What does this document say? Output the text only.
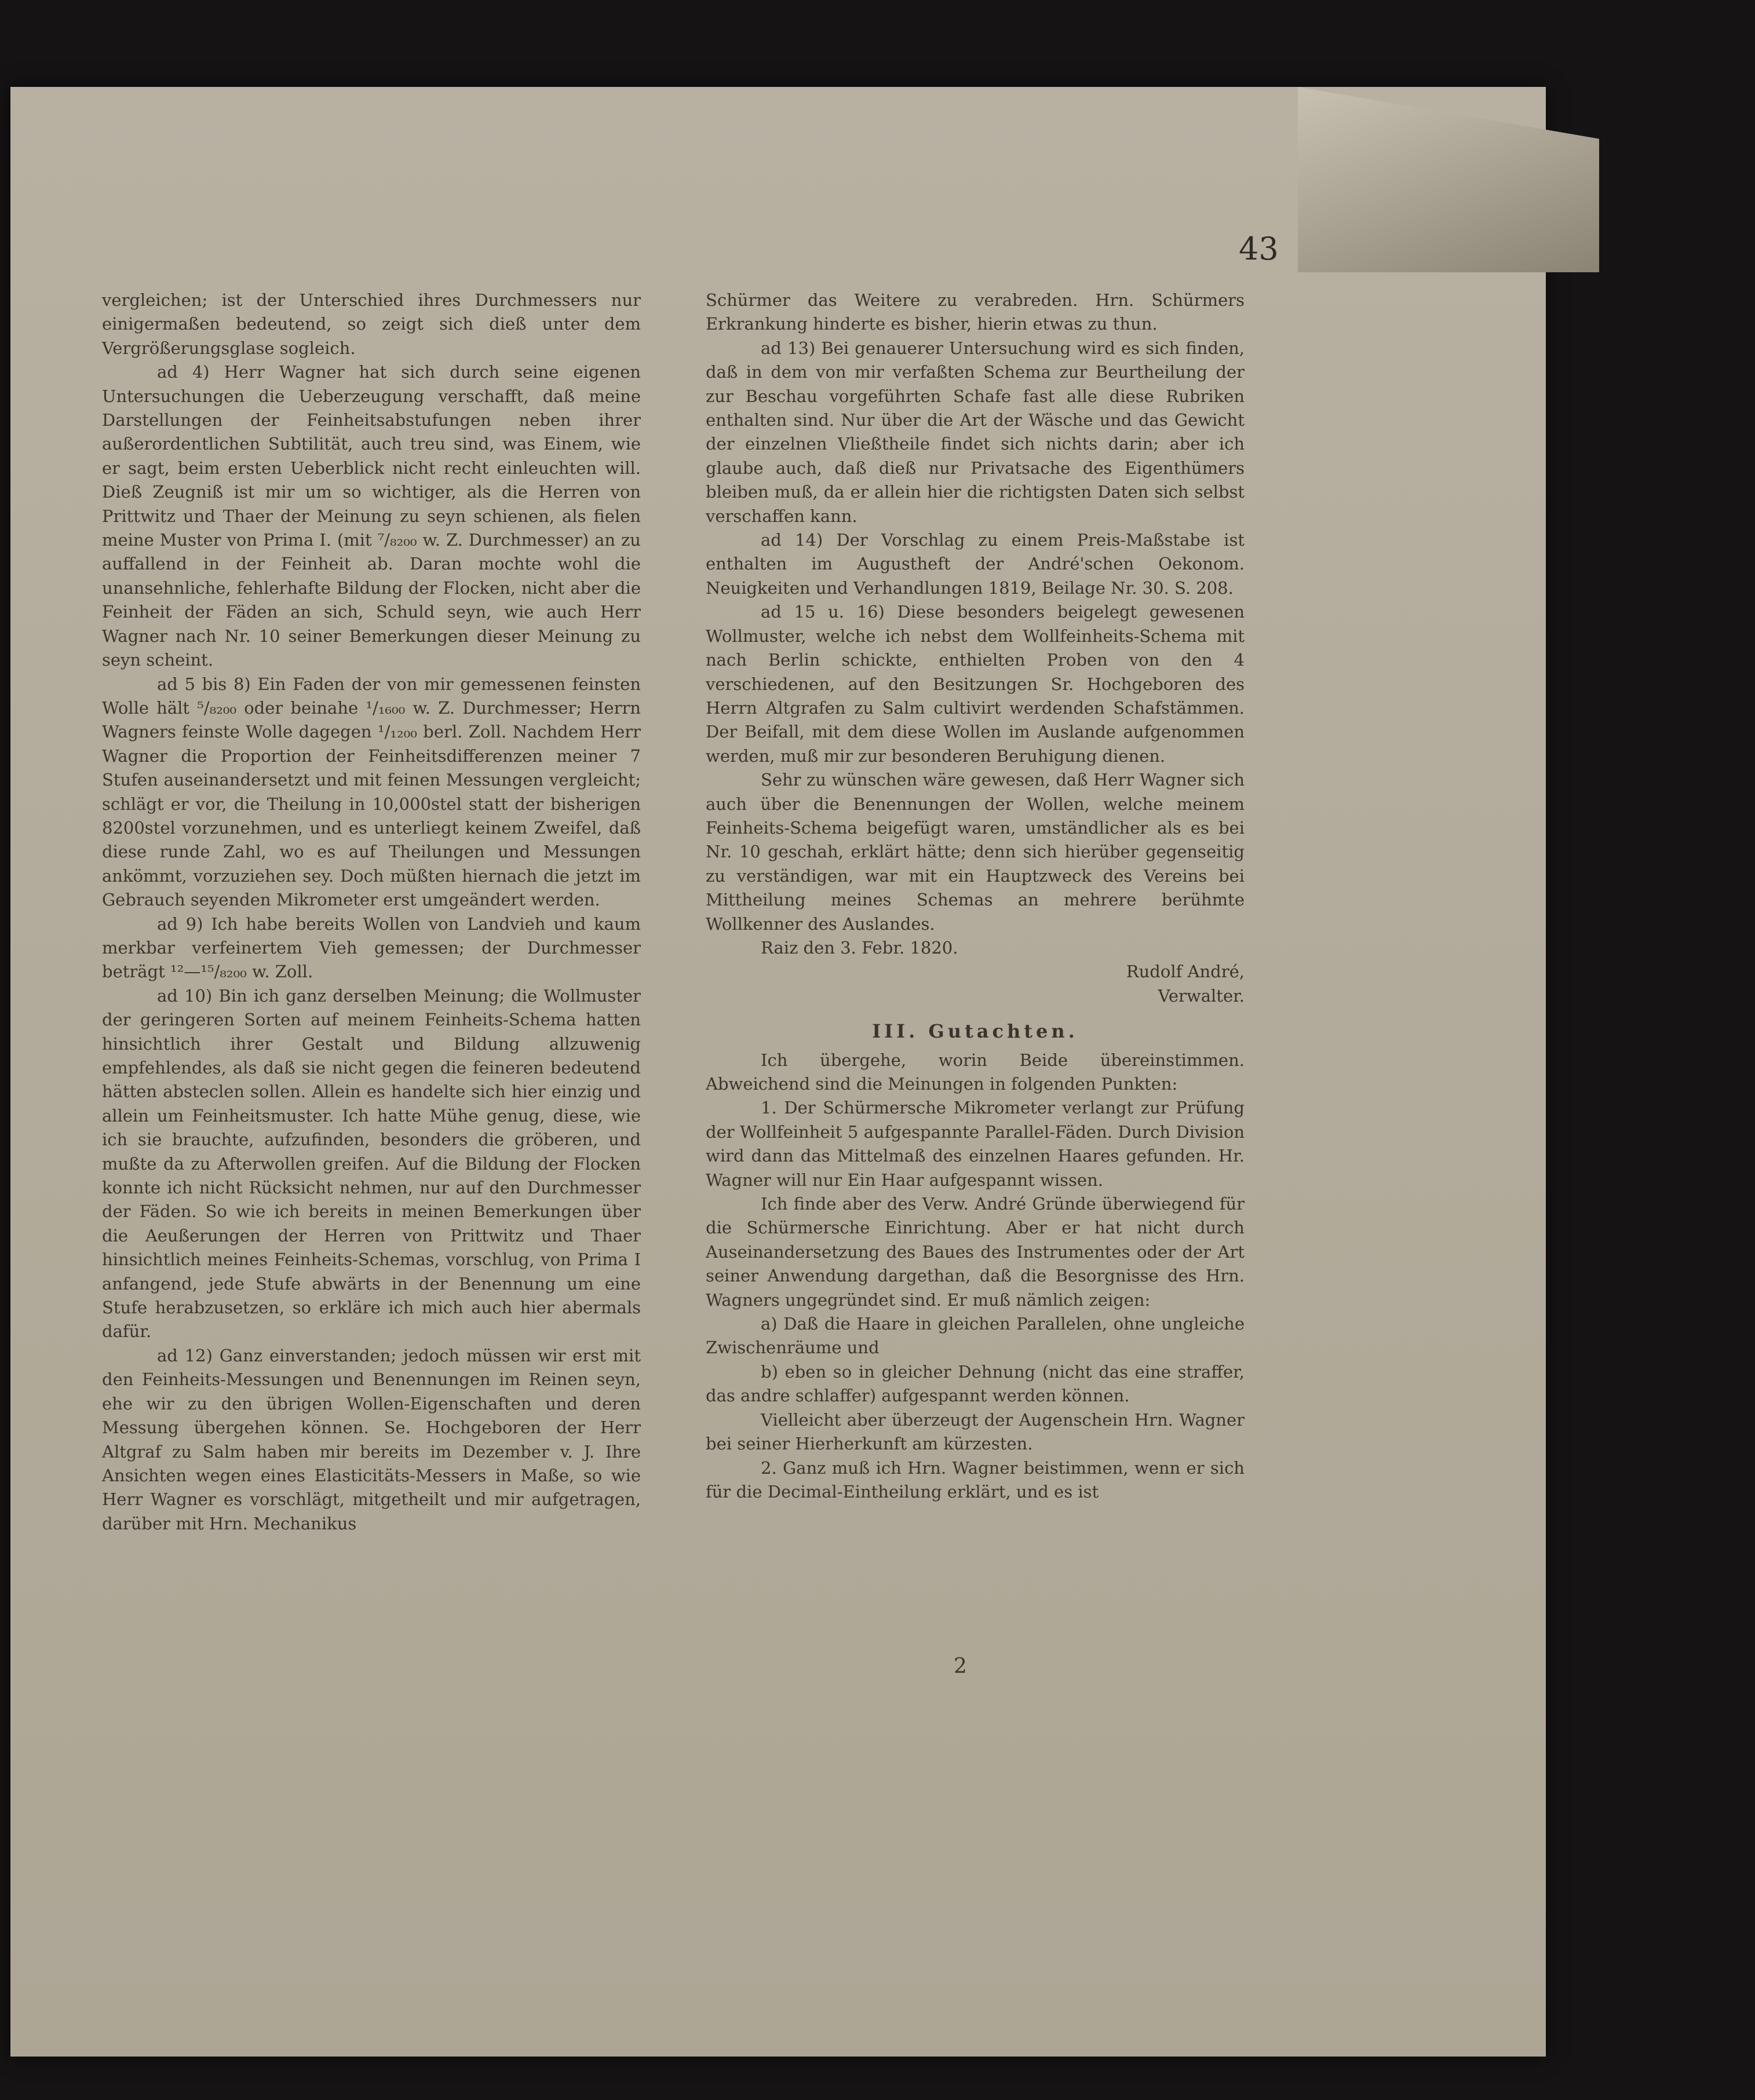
43

vergleichen; ist der Unterschied ihres Durchmessers nur einigermaßen bedeutend, so zeigt sich dieß unter dem Vergrößerungsglase sogleich.

ad 4) Herr Wagner hat sich durch seine eigenen Untersuchungen die Ueberzeugung verschafft, daß meine Darstellungen der Feinheitsabstufungen neben ihrer außerordentlichen Subtilität, auch treu sind, was Einem, wie er sagt, beim ersten Ueberblick nicht recht einleuchten will. Dieß Zeugniß ist mir um so wichtiger, als die Herren von Prittwitz und Thaer der Meinung zu seyn schienen, als fielen meine Muster von Prima I. (mit ⁷/₈₂₀₀ w. Z. Durchmesser) an zu auffallend in der Feinheit ab. Daran mochte wohl die unansehnliche, fehlerhafte Bildung der Flocken, nicht aber die Feinheit der Fäden an sich, Schuld seyn, wie auch Herr Wagner nach Nr. 10 seiner Bemerkungen dieser Meinung zu seyn scheint.

ad 5 bis 8) Ein Faden der von mir gemessenen feinsten Wolle hält ⁵/₈₂₀₀ oder beinahe ¹/₁₆₀₀ w. Z. Durchmesser; Herrn Wagners feinste Wolle dagegen ¹/₁₂₀₀ berl. Zoll. Nachdem Herr Wagner die Proportion der Feinheitsdifferenzen meiner 7 Stufen auseinandersetzt und mit feinen Messungen vergleicht; schlägt er vor, die Theilung in 10,000stel statt der bisherigen 8200stel vorzunehmen, und es unterliegt keinem Zweifel, daß diese runde Zahl, wo es auf Theilungen und Messungen ankömmt, vorzuziehen sey. Doch müßten hiernach die jetzt im Gebrauch seyenden Mikrometer erst umgeändert werden.

ad 9) Ich habe bereits Wollen von Landvieh und kaum merkbar verfeinertem Vieh gemessen; der Durchmesser beträgt ¹²—¹⁵/₈₂₀₀ w. Zoll.

ad 10) Bin ich ganz derselben Meinung; die Wollmuster der geringeren Sorten auf meinem Feinheits-Schema hatten hinsichtlich ihrer Gestalt und Bildung allzuwenig empfehlendes, als daß sie nicht gegen die feineren bedeutend hätten absteclen sollen. Allein es handelte sich hier einzig und allein um Feinheitsmuster. Ich hatte Mühe genug, diese, wie ich sie brauchte, aufzufinden, besonders die gröberen, und mußte da zu Afterwollen greifen. Auf die Bildung der Flocken konnte ich nicht Rücksicht nehmen, nur auf den Durchmesser der Fäden. So wie ich bereits in meinen Bemerkungen über die Aeußerungen der Herren von Prittwitz und Thaer hinsichtlich meines Feinheits-Schemas, vorschlug, von Prima I anfangend, jede Stufe abwärts in der Benennung um eine Stufe herabzusetzen, so erkläre ich mich auch hier abermals dafür.

ad 12) Ganz einverstanden; jedoch müssen wir erst mit den Feinheits-Messungen und Benennungen im Reinen seyn, ehe wir zu den übrigen Wollen-Eigenschaften und deren Messung übergehen können. Se. Hochgeboren der Herr Altgraf zu Salm haben mir bereits im Dezember v. J. Ihre Ansichten wegen eines Elasticitäts-Messers in Maße, so wie Herr Wagner es vorschlägt, mitgetheilt und mir aufgetragen, darüber mit Hrn. Mechanikus

Schürmer das Weitere zu verabreden. Hrn. Schürmers Erkrankung hinderte es bisher, hierin etwas zu thun.

ad 13) Bei genauerer Untersuchung wird es sich finden, daß in dem von mir verfaßten Schema zur Beurtheilung der zur Beschau vorgeführten Schafe fast alle diese Rubriken enthalten sind. Nur über die Art der Wäsche und das Gewicht der einzelnen Vließtheile findet sich nichts darin; aber ich glaube auch, daß dieß nur Privatsache des Eigenthümers bleiben muß, da er allein hier die richtigsten Daten sich selbst verschaffen kann.

ad 14) Der Vorschlag zu einem Preis-Maßstabe ist enthalten im Augustheft der André'schen Oekonom. Neuigkeiten und Verhandlungen 1819, Beilage Nr. 30. S. 208.

ad 15 u. 16) Diese besonders beigelegt gewesenen Wollmuster, welche ich nebst dem Wollfeinheits-Schema mit nach Berlin schickte, enthielten Proben von den 4 verschiedenen, auf den Besitzungen Sr. Hochgeboren des Herrn Altgrafen zu Salm cultivirt werdenden Schafstämmen. Der Beifall, mit dem diese Wollen im Auslande aufgenommen werden, muß mir zur besonderen Beruhigung dienen.

Sehr zu wünschen wäre gewesen, daß Herr Wagner sich auch über die Benennungen der Wollen, welche meinem Feinheits-Schema beigefügt waren, umständlicher als es bei Nr. 10 geschah, erklärt hätte; denn sich hierüber gegenseitig zu verständigen, war mit ein Hauptzweck des Vereins bei Mittheilung meines Schemas an mehrere berühmte Wollkenner des Auslandes.

Raiz den 3. Febr. 1820.

Rudolf André,

Verwalter.

III. Gutachten.

Ich übergehe, worin Beide übereinstimmen. Abweichend sind die Meinungen in folgenden Punkten:

1. Der Schürmersche Mikrometer verlangt zur Prüfung der Wollfeinheit 5 aufgespannte Parallel-Fäden. Durch Division wird dann das Mittelmaß des einzelnen Haares gefunden. Hr. Wagner will nur Ein Haar aufgespannt wissen.

Ich finde aber des Verw. André Gründe überwiegend für die Schürmersche Einrichtung. Aber er hat nicht durch Auseinandersetzung des Baues des Instrumentes oder der Art seiner Anwendung dargethan, daß die Besorgnisse des Hrn. Wagners ungegründet sind. Er muß nämlich zeigen:

a) Daß die Haare in gleichen Parallelen, ohne ungleiche Zwischenräume und

b) eben so in gleicher Dehnung (nicht das eine straffer, das andre schlaffer) aufgespannt werden können.

Vielleicht aber überzeugt der Augenschein Hrn. Wagner bei seiner Hierherkunft am kürzesten.

2. Ganz muß ich Hrn. Wagner beistimmen, wenn er sich für die Decimal-Eintheilung erklärt, und es ist

2
